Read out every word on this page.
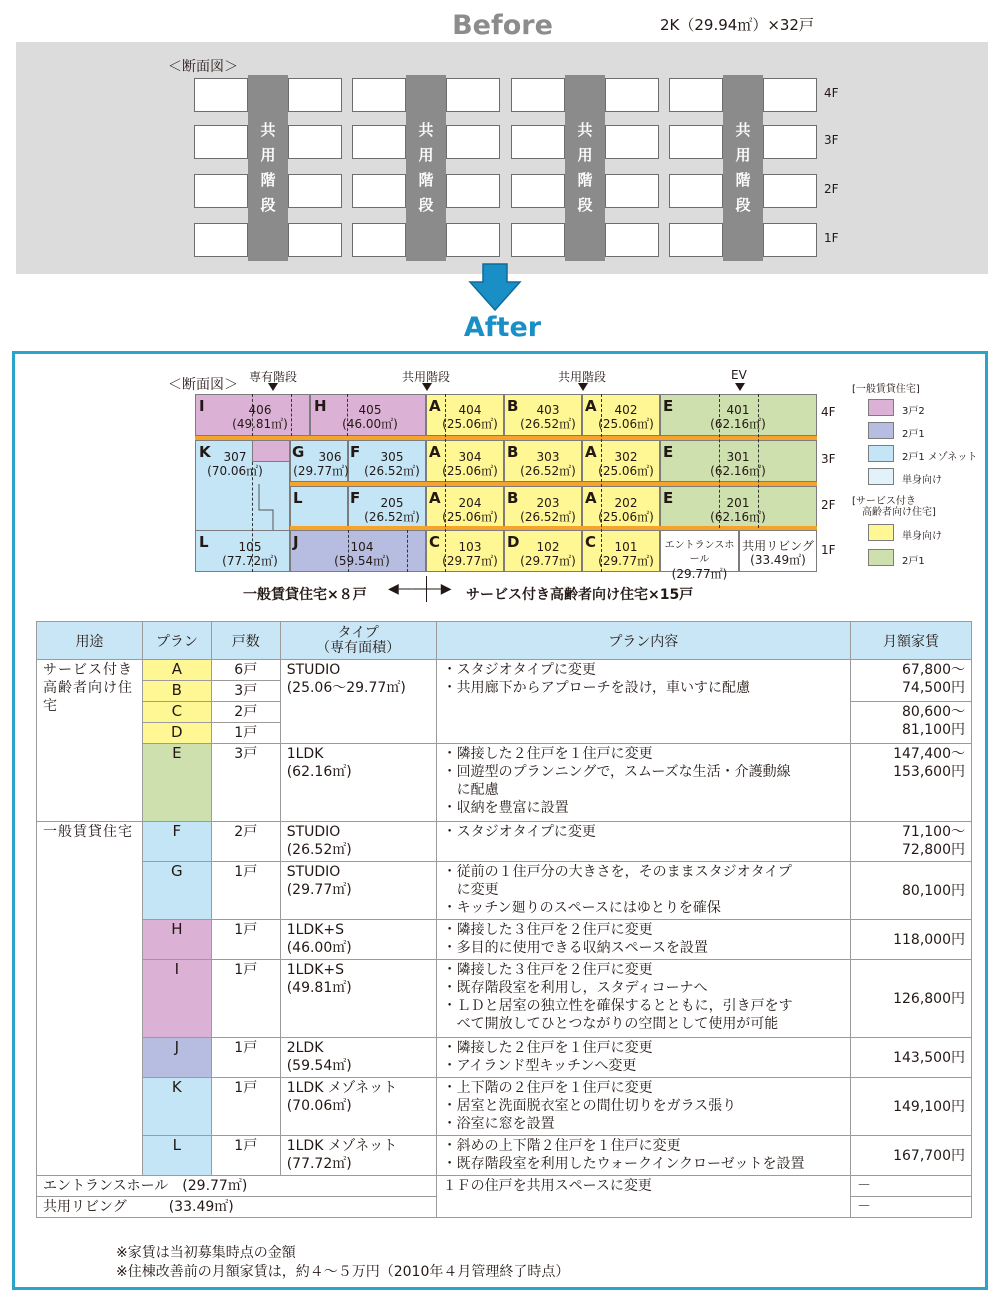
Before	2K（29.94㎡）×32戸
＜断面図＞
共
用
階
段
共
用
階
段
共
用
階
段
共
用
階
段
4F
3F
2F
1F
After
＜断面図＞ 専有階段	共用階段	共用階段	EV
I	406
(49.81㎡)
H	405
(46.00㎡)
A	404
(25.06㎡)
B	403
(26.52㎡)
A	402
(25.06㎡)
E	401
(62.16㎡)
K	307
(70.06㎡)
G	306
(29.77㎡)
F	305
(26.52㎡)
A	304
(25.06㎡)
B	303
(26.52㎡)
A	302
(25.06㎡)
E	301
(62.16㎡)
L	F	205
(26.52㎡)
A	204
(25.06㎡)
B	203
(26.52㎡)
A	202
(25.06㎡)
E	201
(62.16㎡)
L	105
(77.72㎡)
J	104
(59.54㎡)
C	103
(29.77㎡)
D	102
(29.77㎡)
C	101
(29.77㎡)
エントランスホール
(29.77㎡)
共用リビング
(33.49㎡)
4F
3F
2F
1F
一般賃貸住宅×８戸 ◀―――▶ サービス付き高齢者向け住宅×15戸
[一般賃貸住宅]
3戸2
2戸1
2戸1 メゾネット
単身向け
[サービス付き
　高齢者向け住宅]
単身向け
2戸1
用途	プラン	戸数	タイプ
（専有面積）	プラン内容	月額家賃
サービス付き高齢者向け住宅	A	6戸	STUDIO
(25.06～29.77㎡)	・スタジオタイプに変更
・共用廊下からアプローチを設け，車いすに配慮	67,800～
74,500円
	B	3戸			
	C	2戸			80,600～
81,100円
	D	1戸			
	E	3戸	1LDK
(62.16㎡)	・隣接した２住戸を１住戸に変更
・回遊型のプランニングで，スムーズな生活・介護動線
　に配慮
・収納を豊富に設置	147,400～
153,600円
一般賃貸住宅	F	2戸	STUDIO
(26.52㎡)	・スタジオタイプに変更	71,100～
72,800円
	G	1戸	STUDIO
(29.77㎡)	・従前の１住戸分の大きさを，そのままスタジオタイプ
　に変更
・キッチン廻りのスペースにはゆとりを確保	80,100円
	H	1戸	1LDK+S
(46.00㎡)	・隣接した３住戸を２住戸に変更
・多目的に使用できる収納スペースを設置	118,000円
	I	1戸	1LDK+S
(49.81㎡)	・隣接した３住戸を２住戸に変更
・既存階段室を利用し，スタディコーナへ
・ＬＤと居室の独立性を確保するとともに，引き戸をす
　べて開放してひとつながりの空間として使用が可能	126,800円
	J	1戸	2LDK
(59.54㎡)	・隣接した２住戸を１住戸に変更
・アイランド型キッチンへ変更	143,500円
	K	1戸	1LDK メゾネット
(70.06㎡)	・上下階の２住戸を１住戸に変更
・居室と洗面脱衣室との間仕切りをガラス張り
・浴室に窓を設置	149,100円
	L	1戸	1LDK メゾネット
(77.72㎡)	・斜めの上下階２住戸を１住戸に変更
・既存階段室を利用したウォークインクローゼットを設置	167,700円
エントランスホール　(29.77㎡)				１Ｆの住戸を共用スペースに変更	－
共用リビング　　　(33.49㎡)					－
※家賃は当初募集時点の金額
※住棟改善前の月額家賃は，約４～５万円（2010年４月管理終了時点）
